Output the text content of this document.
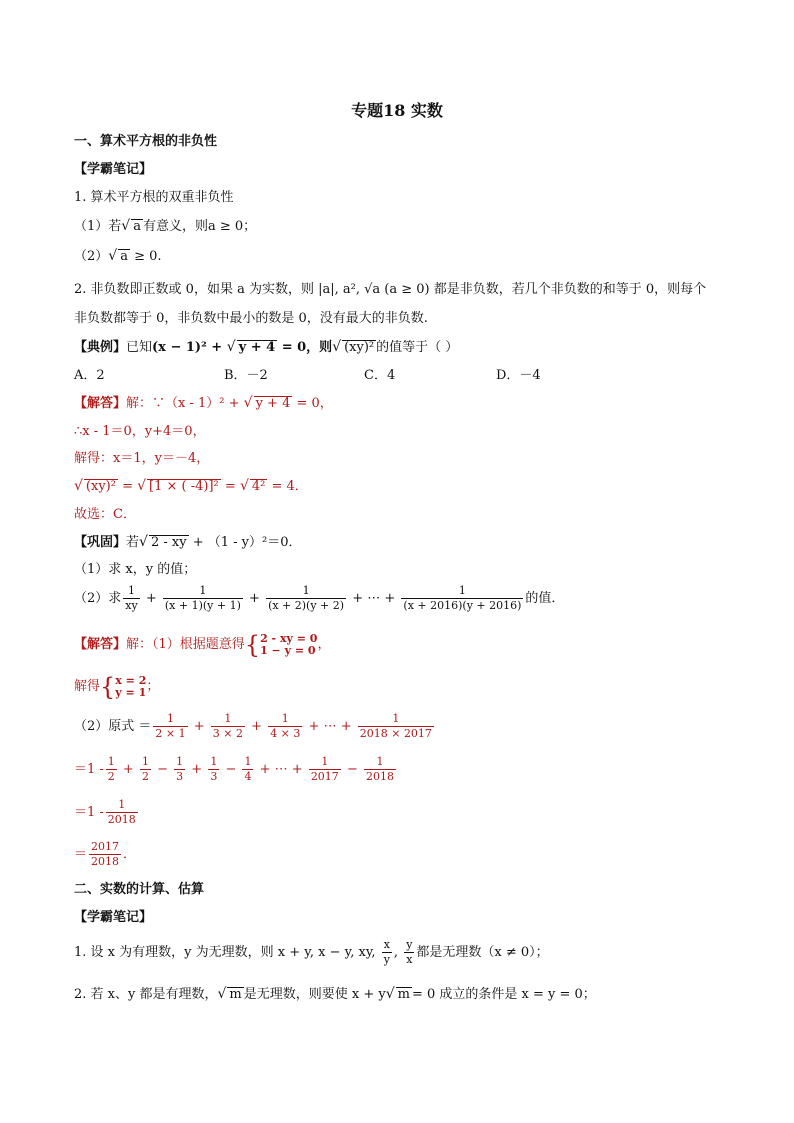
专题18 实数
一、算术平方根的非负性
【学霸笔记】
1. 算术平方根的双重非负性
（1）若√ a 有意义，则a ≥ 0；
（2）√ a ≥ 0.
2. 非负数即正数或 0，如果 a 为实数，则 |a|, a², √a (a ≥ 0) 都是非负数，若几个非负数的和等于 0，则每个
非负数都等于 0，非负数中最小的数是 0，没有最大的非负数.
【典例】已知(x − 1)² + √ y + 4 = 0，则√ (xy)² 的值等于（ ）
A．2	B．－2	C．4	D．－4
【解答】解：∵（x - 1）² + √ y + 4 = 0，
∴x - 1＝0，y+4＝0，
解得：x＝1，y＝－4，
√ (xy)² = √ [1 × ( -4)]² = √ 4² = 4．
故选：C．
【巩固】若√ 2 - xy + （1 - y）²＝0．
（1）求 x，y 的值；
（2）求 $\frac{1}{xy} + \frac{1}{(x + 1)(y + 1)} + \frac{1}{(x + 2)(y + 2)}$ + ⋯ + $\frac{1}{(x + 2016)(y + 2016)}$ 的值．
【解答】解：（1）根据题意得{ 2 - xy = 0
1 − y = 0 ，
解得{ x = 2
y = 1 ；
（2）原式 ＝ $\frac{1}{2 \times 1} + \frac{1}{3 \times 2} + \frac{1}{4 \times 3}$ + ⋯ + $\frac{1}{2018 \times 2017}$
$=1 - \frac{1}{2} + \frac{1}{2} - \frac{1}{3} + \frac{1}{3} - \frac{1}{4}$ + ⋯ + $\frac{1}{2017} - \frac{1}{2018}$
$=1 - \frac{1}{2018}$
＝ $\frac{2017}{2018}$ ．
二、实数的计算、估算
【学霸笔记】
1. 设 x 为有理数，y 为无理数，则 x + y, x − y, xy, $\frac{x}{y}$ , $\frac{y}{x}$ 都是无理数（x ≠ 0）；
2. 若 x、y 都是有理数，√ m 是无理数，则要使 x + y√ m = 0 成立的条件是 x = y = 0；
